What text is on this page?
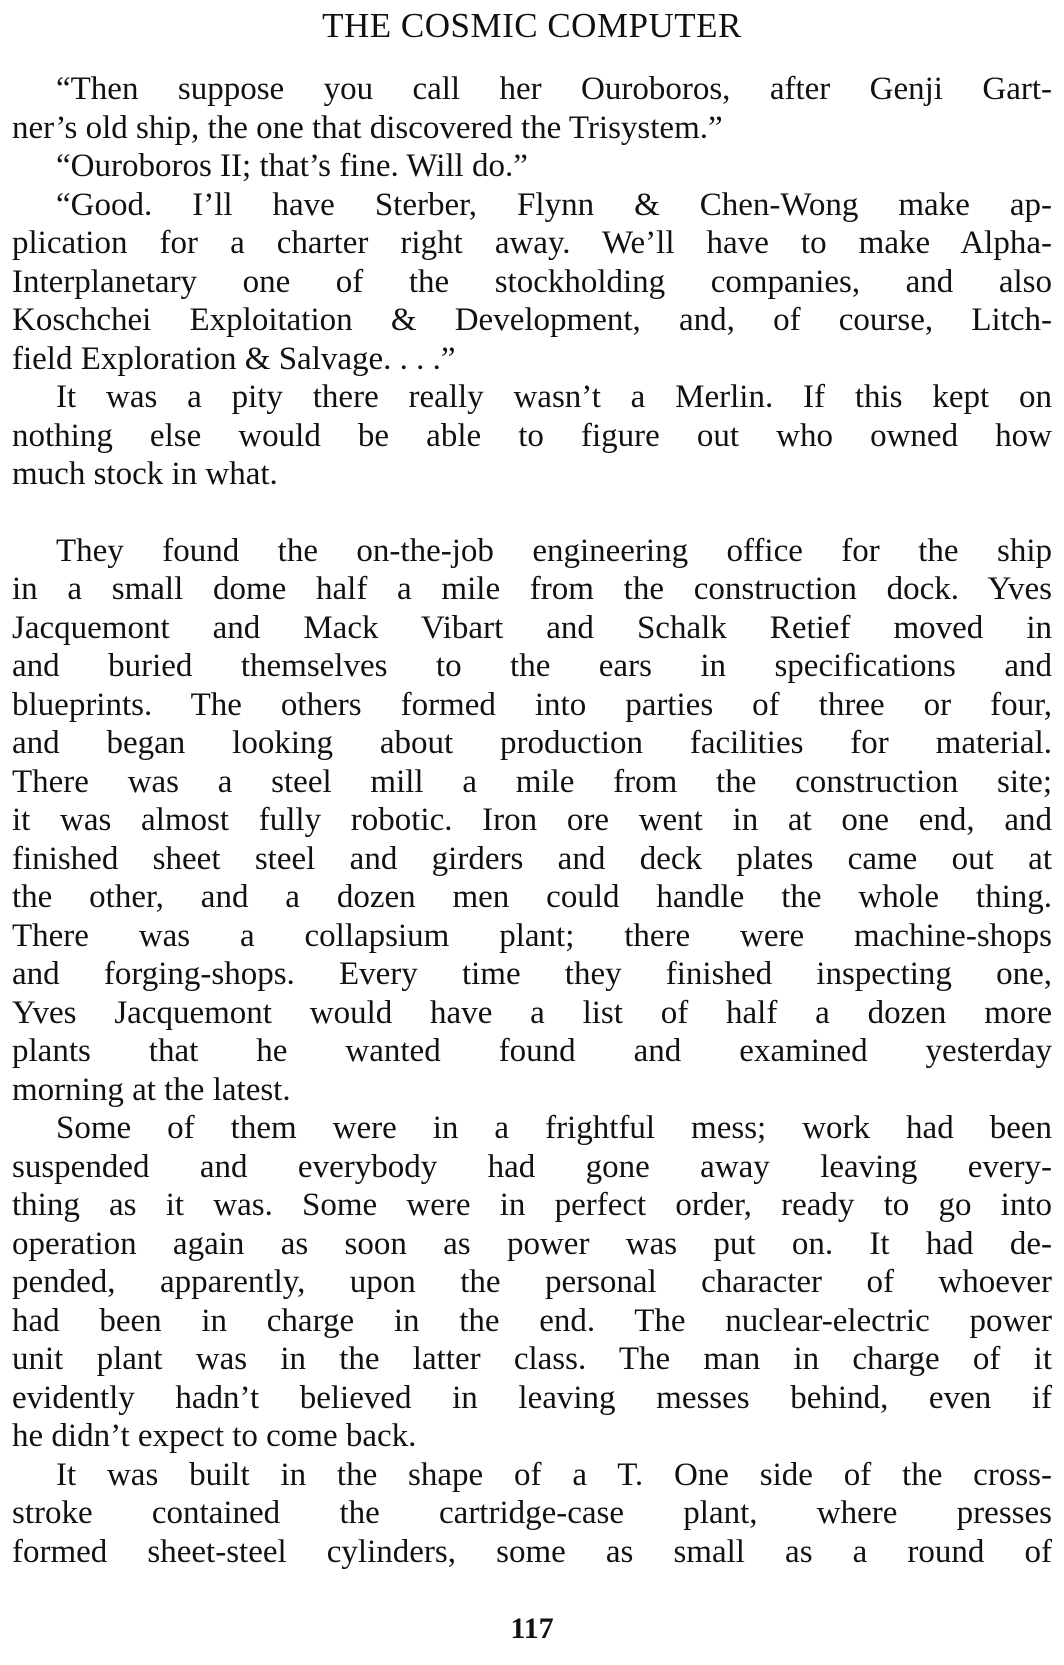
THE COSMIC COMPUTER
“Then suppose you call her Ouroboros, after Genji Gart-
ner’s old ship, the one that discovered the Trisystem.”
“Ouroboros II; that’s fine. Will do.”
“Good. I’ll have Sterber, Flynn & Chen-Wong make ap-
plication for a charter right away. We’ll have to make Alpha-
Interplanetary one of the stockholding companies, and also
Koschchei Exploitation & Development, and, of course, Litch-
field Exploration & Salvage. . . .”
It was a pity there really wasn’t a Merlin. If this kept on
nothing else would be able to figure out who owned how
much stock in what.
They found the on-the-job engineering office for the ship
in a small dome half a mile from the construction dock. Yves
Jacquemont and Mack Vibart and Schalk Retief moved in
and buried themselves to the ears in specifications and
blueprints. The others formed into parties of three or four,
and began looking about production facilities for material.
There was a steel mill a mile from the construction site;
it was almost fully robotic. Iron ore went in at one end, and
finished sheet steel and girders and deck plates came out at
the other, and a dozen men could handle the whole thing.
There was a collapsium plant; there were machine-shops
and forging-shops. Every time they finished inspecting one,
Yves Jacquemont would have a list of half a dozen more
plants that he wanted found and examined yesterday
morning at the latest.
Some of them were in a frightful mess; work had been
suspended and everybody had gone away leaving every-
thing as it was. Some were in perfect order, ready to go into
operation again as soon as power was put on. It had de-
pended, apparently, upon the personal character of whoever
had been in charge in the end. The nuclear-electric power
unit plant was in the latter class. The man in charge of it
evidently hadn’t believed in leaving messes behind, even if
he didn’t expect to come back.
It was built in the shape of a T. One side of the cross-
stroke contained the cartridge-case plant, where presses
formed sheet-steel cylinders, some as small as a round of
117
